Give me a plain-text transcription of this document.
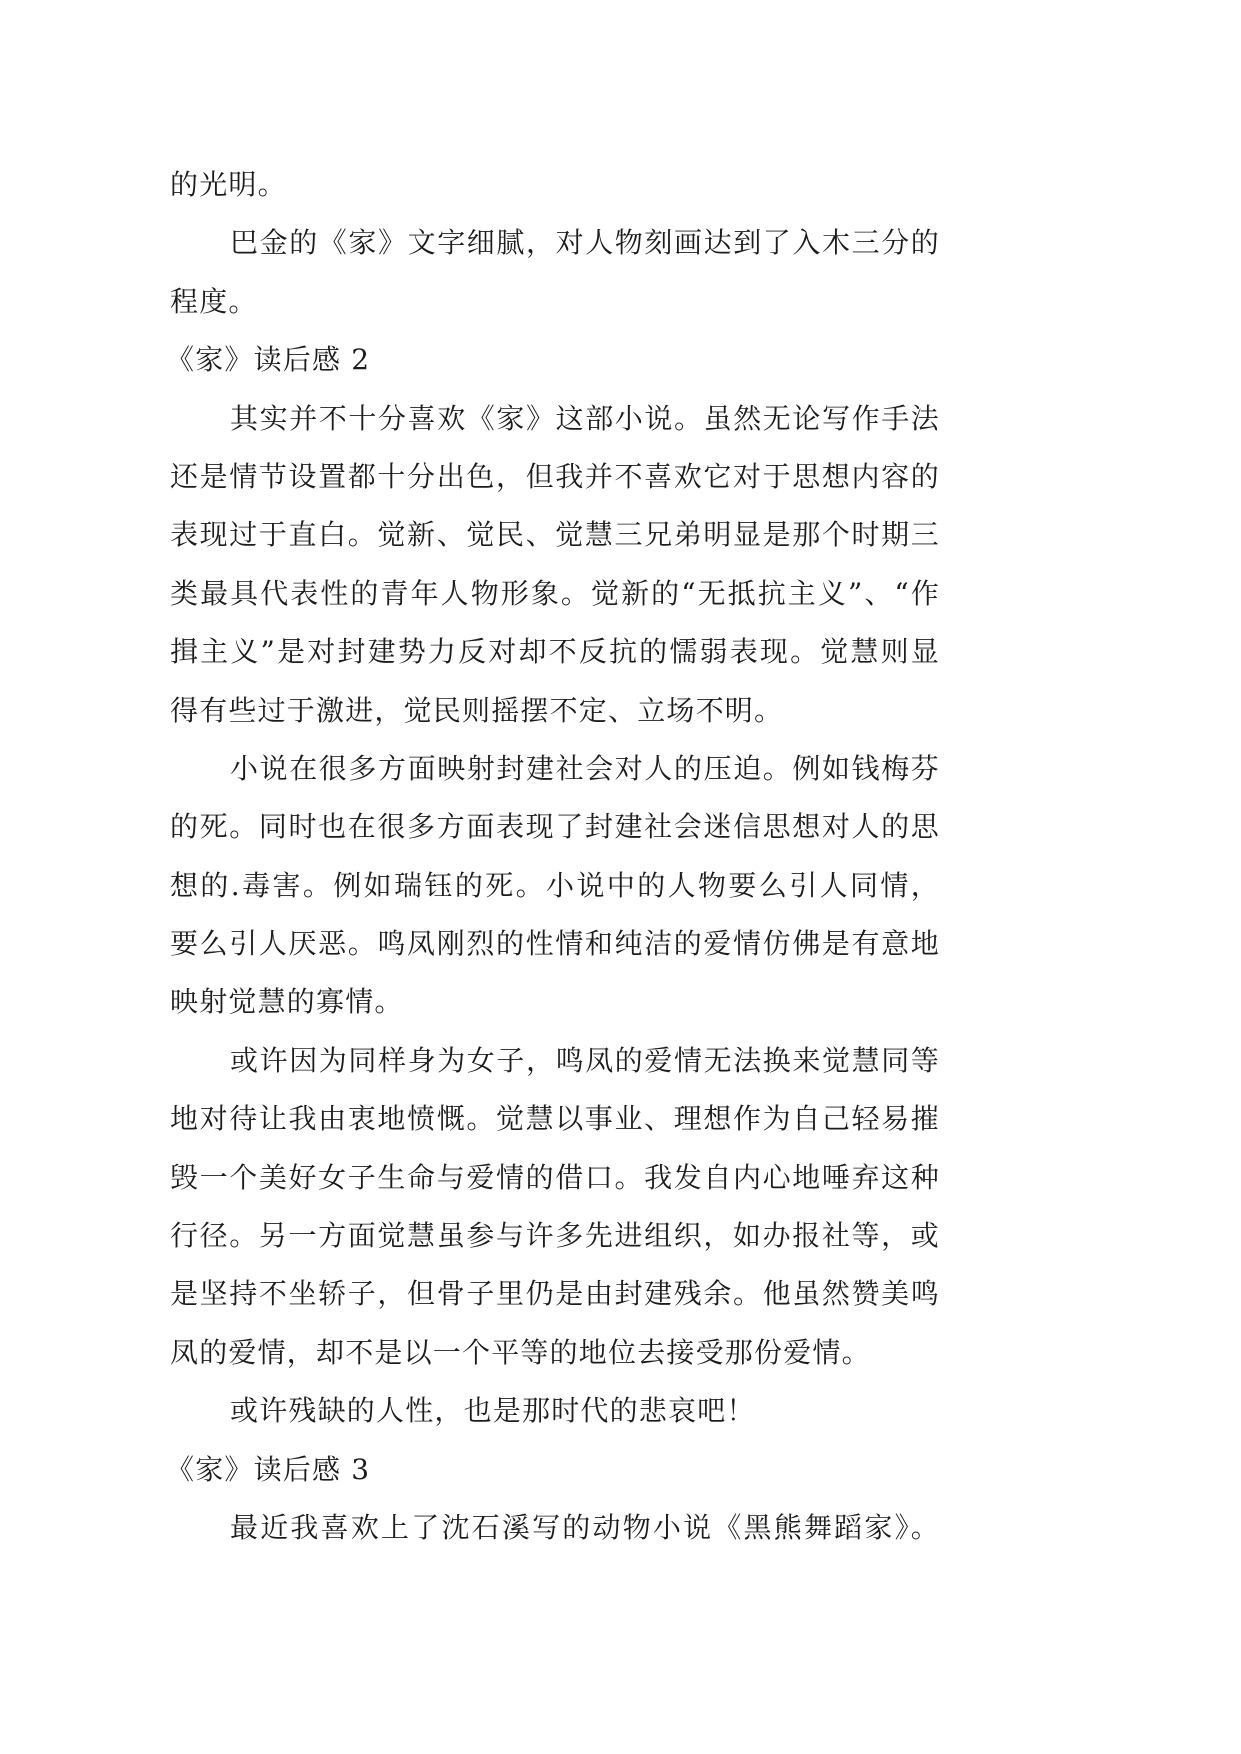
的光明。
巴金的《家》文字细腻，对人物刻画达到了入木三分的
程度。
《家》读后感 2
其实并不十分喜欢《家》这部小说。虽然无论写作手法
还是情节设置都十分出色，但我并不喜欢它对于思想内容的
表现过于直白。觉新、觉民、觉慧三兄弟明显是那个时期三
类最具代表性的青年人物形象。觉新的“无抵抗主义”、“作
揖主义”是对封建势力反对却不反抗的懦弱表现。觉慧则显
得有些过于激进，觉民则摇摆不定、立场不明。
小说在很多方面映射封建社会对人的压迫。例如钱梅芬
的死。同时也在很多方面表现了封建社会迷信思想对人的思
想的.毒害。例如瑞钰的死。小说中的人物要么引人同情，
要么引人厌恶。鸣凤刚烈的性情和纯洁的爱情仿佛是有意地
映射觉慧的寡情。
或许因为同样身为女子，鸣凤的爱情无法换来觉慧同等
地对待让我由衷地愤慨。觉慧以事业、理想作为自己轻易摧
毁一个美好女子生命与爱情的借口。我发自内心地唾弃这种
行径。另一方面觉慧虽参与许多先进组织，如办报社等，或
是坚持不坐轿子，但骨子里仍是由封建残余。他虽然赞美鸣
凤的爱情，却不是以一个平等的地位去接受那份爱情。
或许残缺的人性，也是那时代的悲哀吧！
《家》读后感 3
最近我喜欢上了沈石溪写的动物小说《黑熊舞蹈家》。
